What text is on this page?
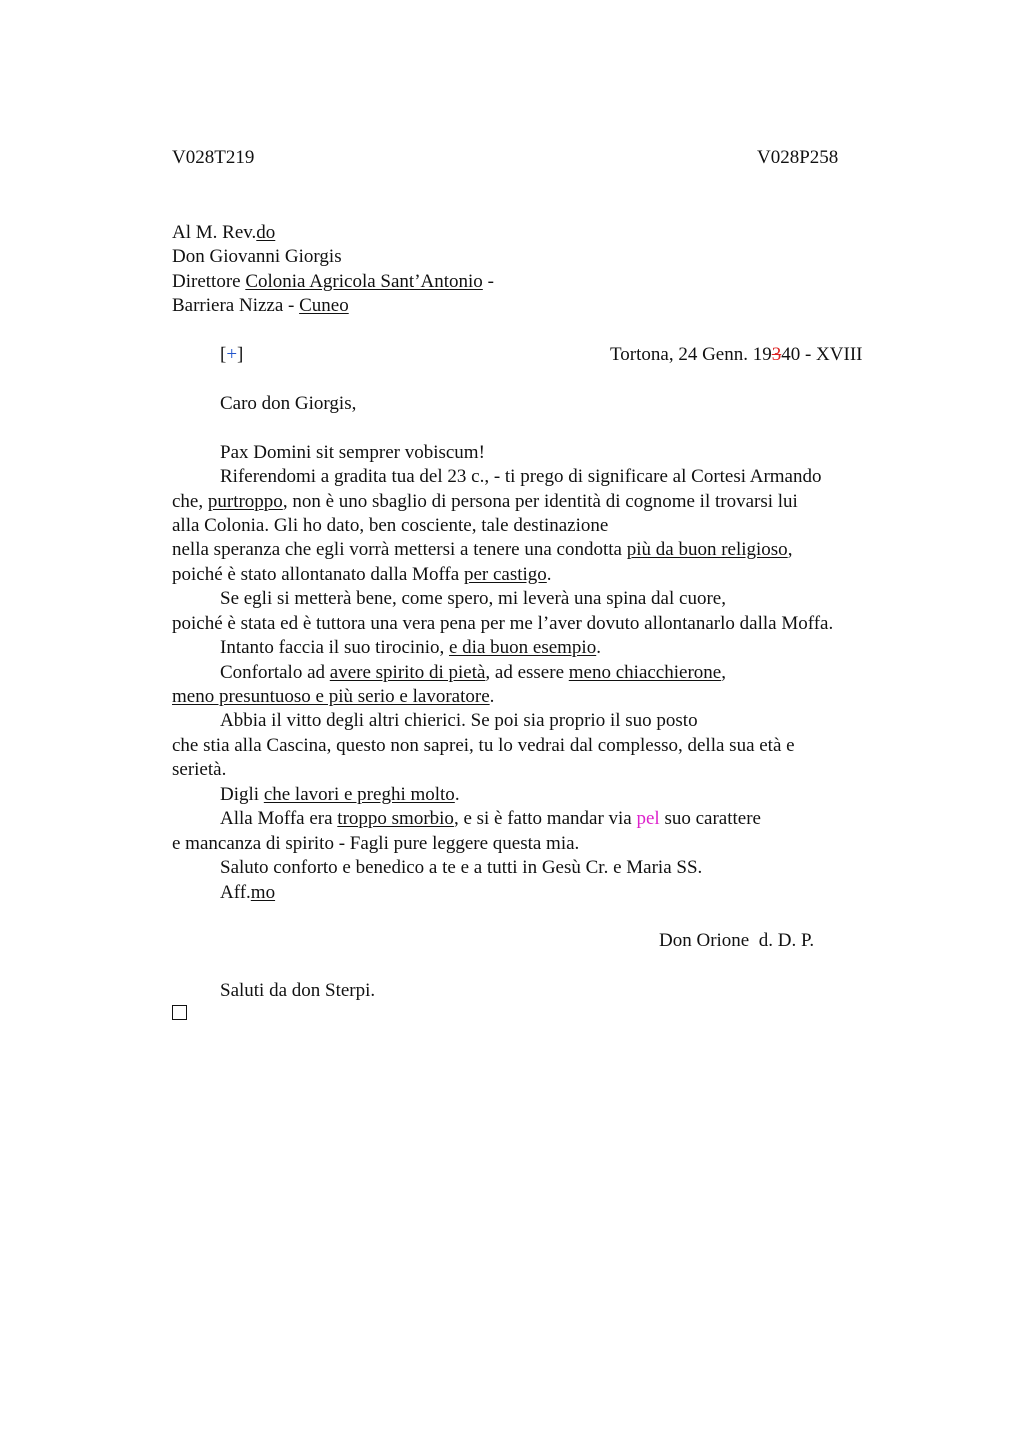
V028T219	V028P258
Al M. Rev.do
Don Giovanni Giorgis
Direttore Colonia Agricola Sant’Antonio -
Barriera Nizza - Cuneo
[+]	Tortona, 24 Genn. 19340 - XVIII
Caro don Giorgis,
Pax Domini sit semprer vobiscum!
Riferendomi a gradita tua del 23 c., - ti prego di significare al Cortesi Armando
che, purtroppo, non è uno sbaglio di persona per identità di cognome il trovarsi lui
alla Colonia. Gli ho dato, ben cosciente, tale destinazione
nella speranza che egli vorrà mettersi a tenere una condotta più da buon religioso,
poiché è stato allontanato dalla Moffa per castigo.
Se egli si metterà bene, come spero, mi leverà una spina dal cuore,
poiché è stata ed è tuttora una vera pena per me l’aver dovuto allontanarlo dalla Moffa.
Intanto faccia il suo tirocinio, e dia buon esempio.
Confortalo ad avere spirito di pietà, ad essere meno chiacchierone,
meno presuntuoso e più serio e lavoratore.
Abbia il vitto degli altri chierici. Se poi sia proprio il suo posto
che stia alla Cascina, questo non saprei, tu lo vedrai dal complesso, della sua età e
serietà.
Digli che lavori e preghi molto.
Alla Moffa era troppo smorbio, e si è fatto mandar via pel suo carattere
e mancanza di spirito - Fagli pure leggere questa mia.
Saluto conforto e benedico a te e a tutti in Gesù Cr. e Maria SS.
Aff.mo
Don Orione  d. D. P.
Saluti da don Sterpi.
